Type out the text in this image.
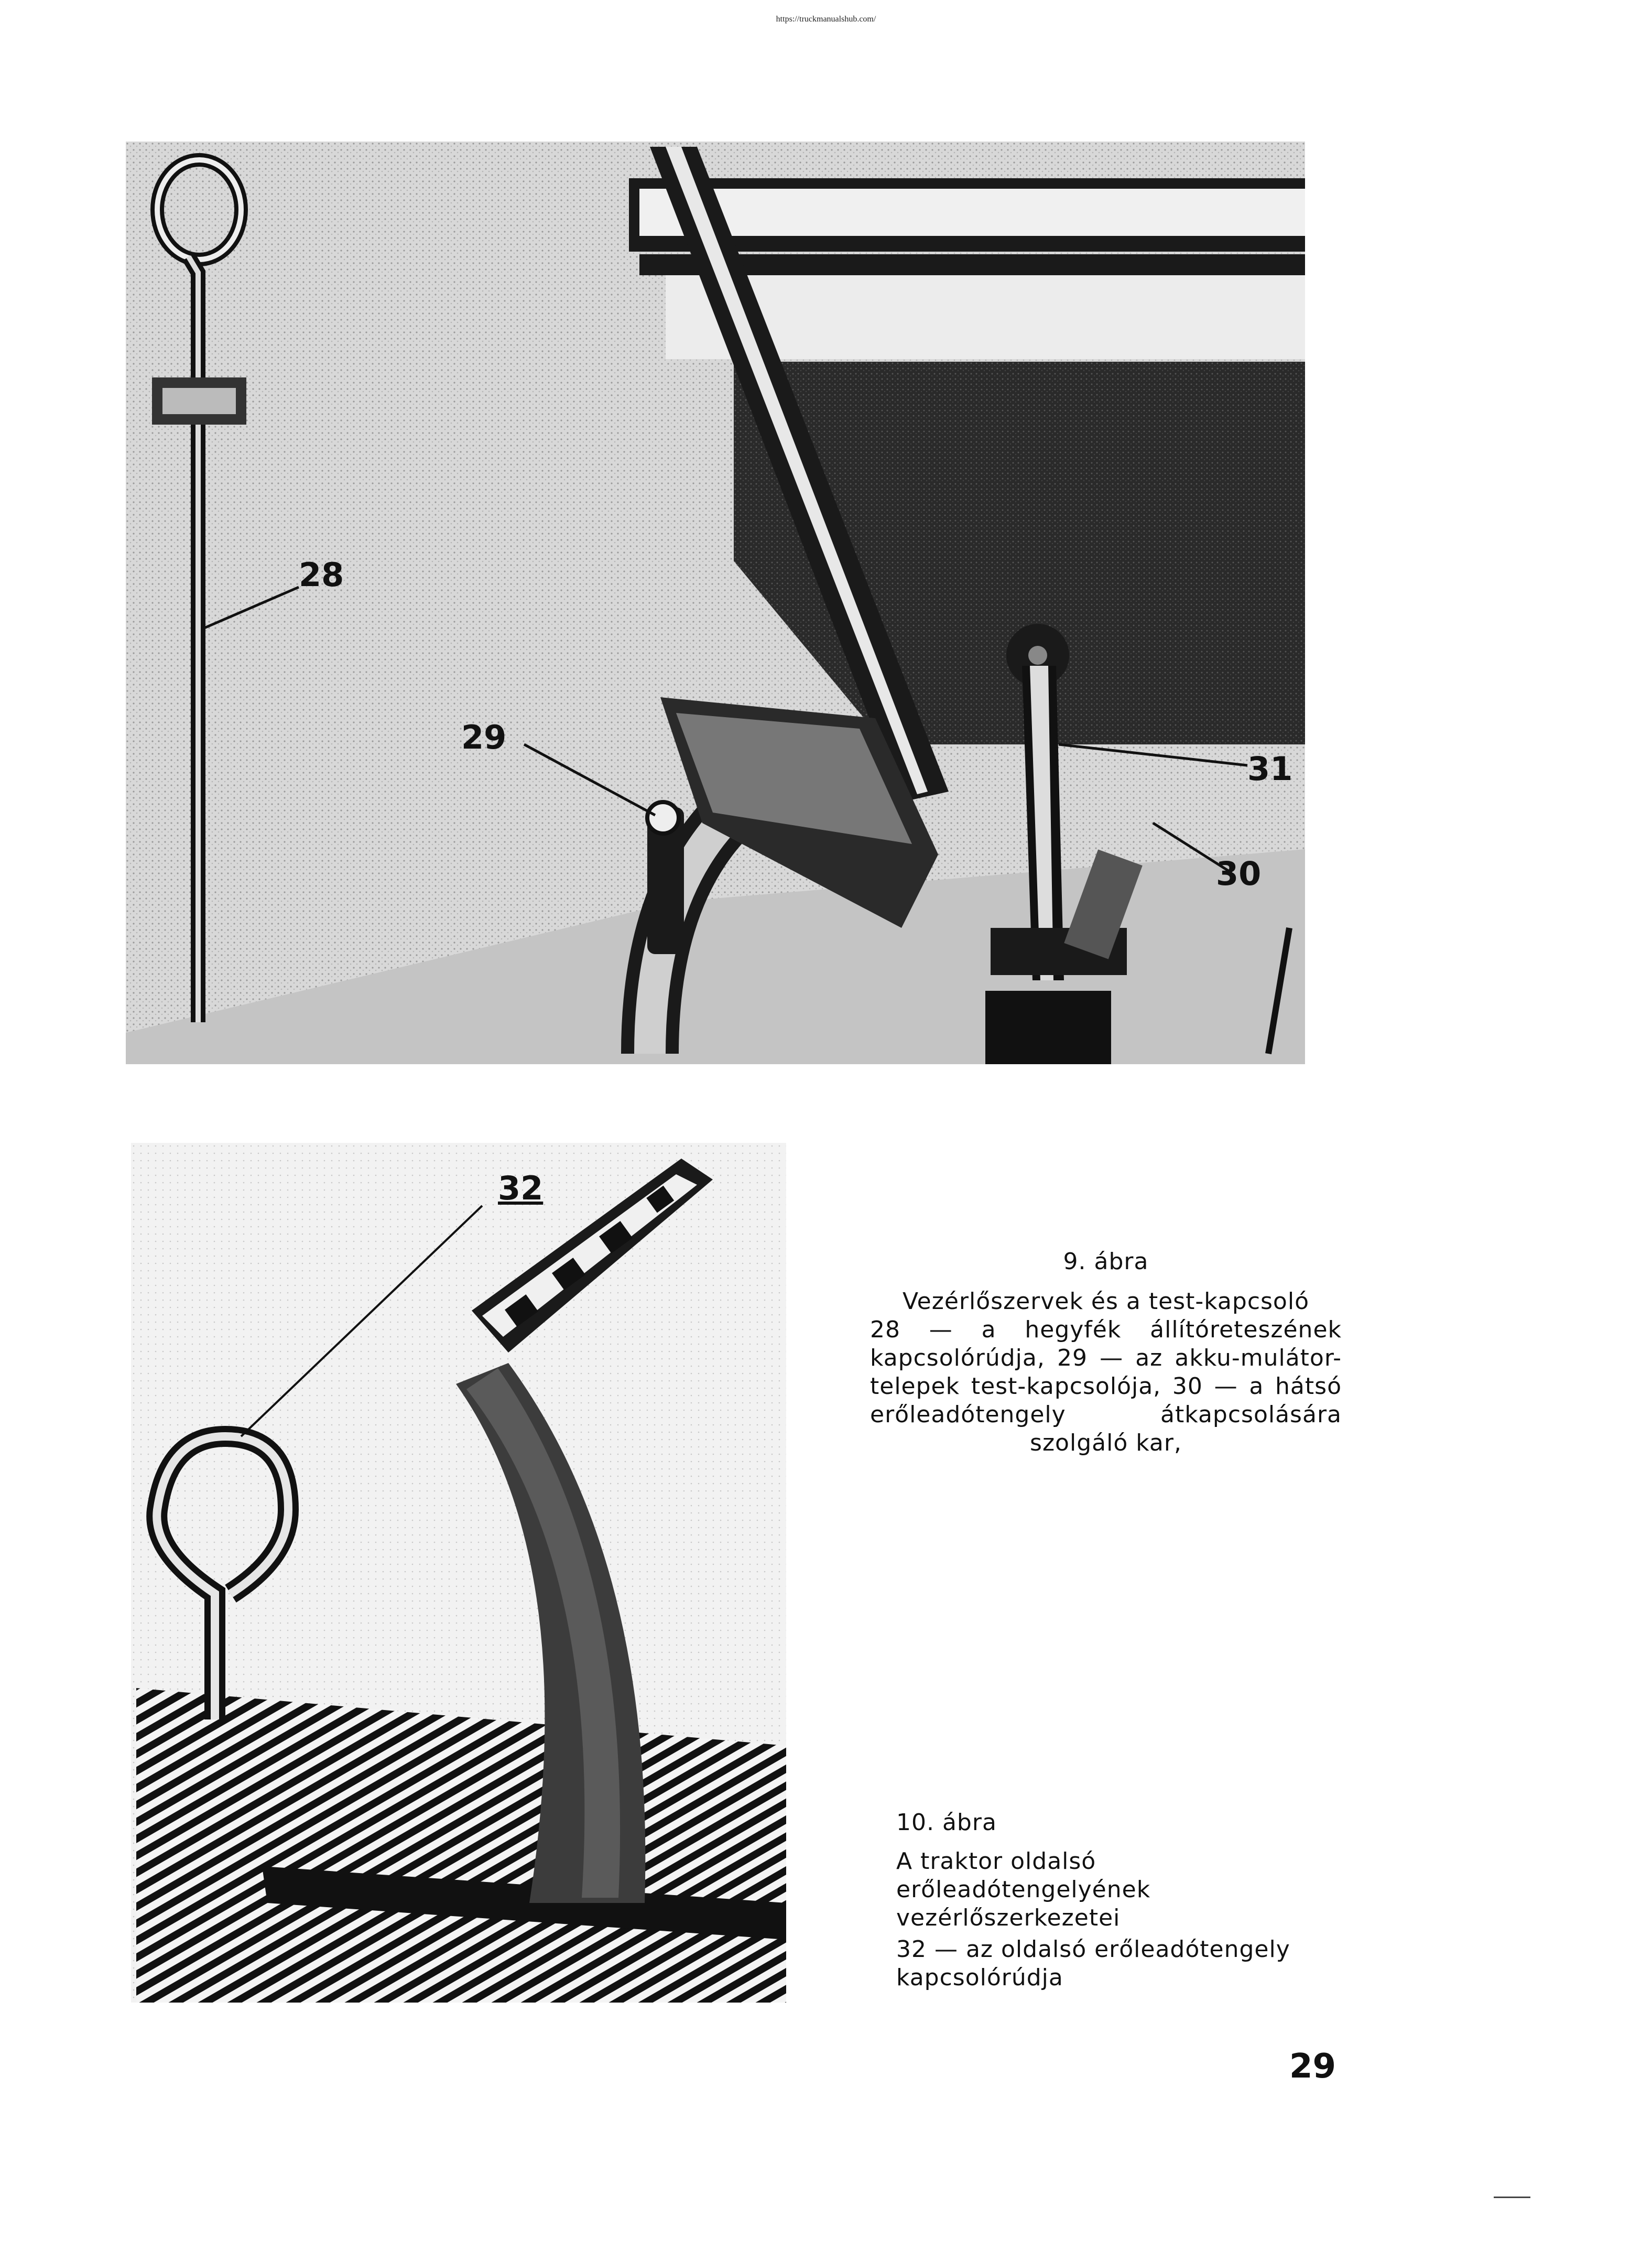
https://truckmanualshub.com/
28
29
30
31
32
9. ábra
Vezérlőszervek és a test-kapcsoló
28 — a hegyfék állítóreteszének kapcsolórúdja, 29 — az akku-mulátor-telepek test-kapcsolója, 30 — a hátsó erőleadótengely átkapcsolására szolgáló kar,
10. ábra
A traktor oldalsó erőleadótengelyének vezérlőszerkezetei
32 — az oldalsó erőleadótengely kapcsolórúdja
29
